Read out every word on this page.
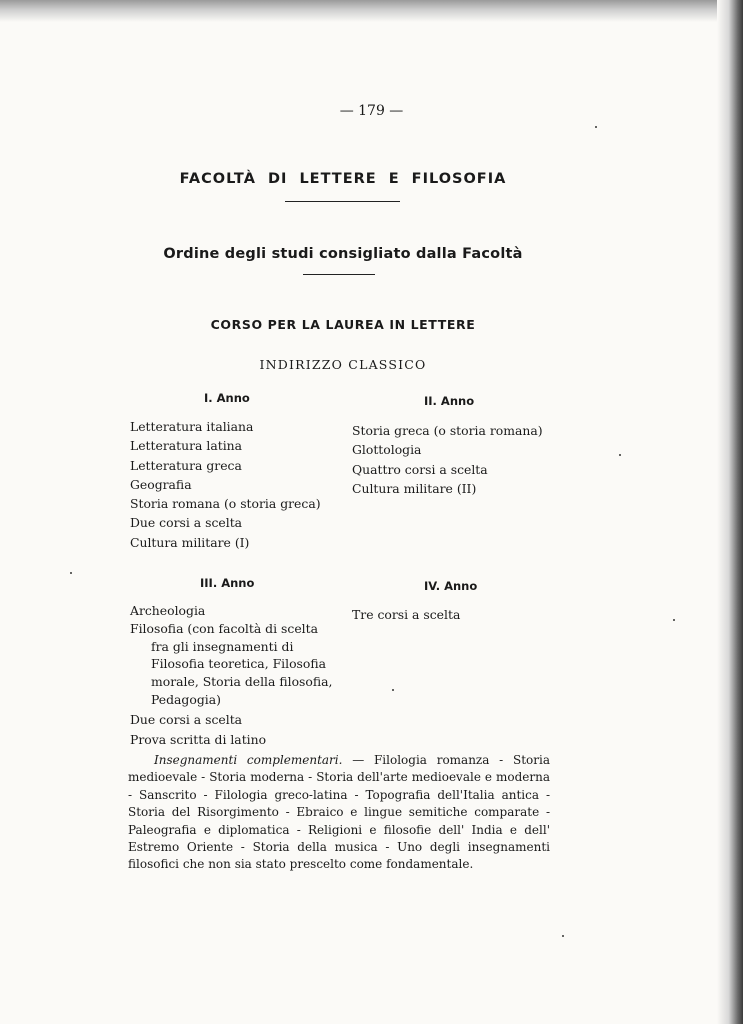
— 179 —
FACOLTÀ DI LETTERE E FILOSOFIA
Ordine degli studi consigliato dalla Facoltà
CORSO PER LA LAUREA IN LETTERE
INDIRIZZO CLASSICO
I. Anno
Letteratura italiana
Letteratura latina
Letteratura greca
Geografia
Storia romana (o storia greca)
Due corsi a scelta
Cultura militare (I)
II. Anno
Storia greca (o storia romana)
Glottologia
Quattro corsi a scelta
Cultura militare (II)
III. Anno
Archeologia
Filosofia (con facoltà di scelta fra gli insegnamenti di Filosofia teoretica, Filosofia morale, Storia della filosofia, Pedagogia)
Due corsi a scelta
Prova scritta di latino
IV. Anno
Tre corsi a scelta

Insegnamenti complementari. — Filologia romanza - Storia medioevale - Storia moderna - Storia dell'arte medioevale e moderna - Sanscrito - Filologia greco-latina - Topografia dell'Italia antica - Storia del Risorgimento - Ebraico e lingue semitiche comparate - Paleografia e diplomatica - Religioni e filosofie dell' India e dell' Estremo Oriente - Storia della musica - Uno degli insegnamenti filosofici che non sia stato prescelto come fondamentale.
